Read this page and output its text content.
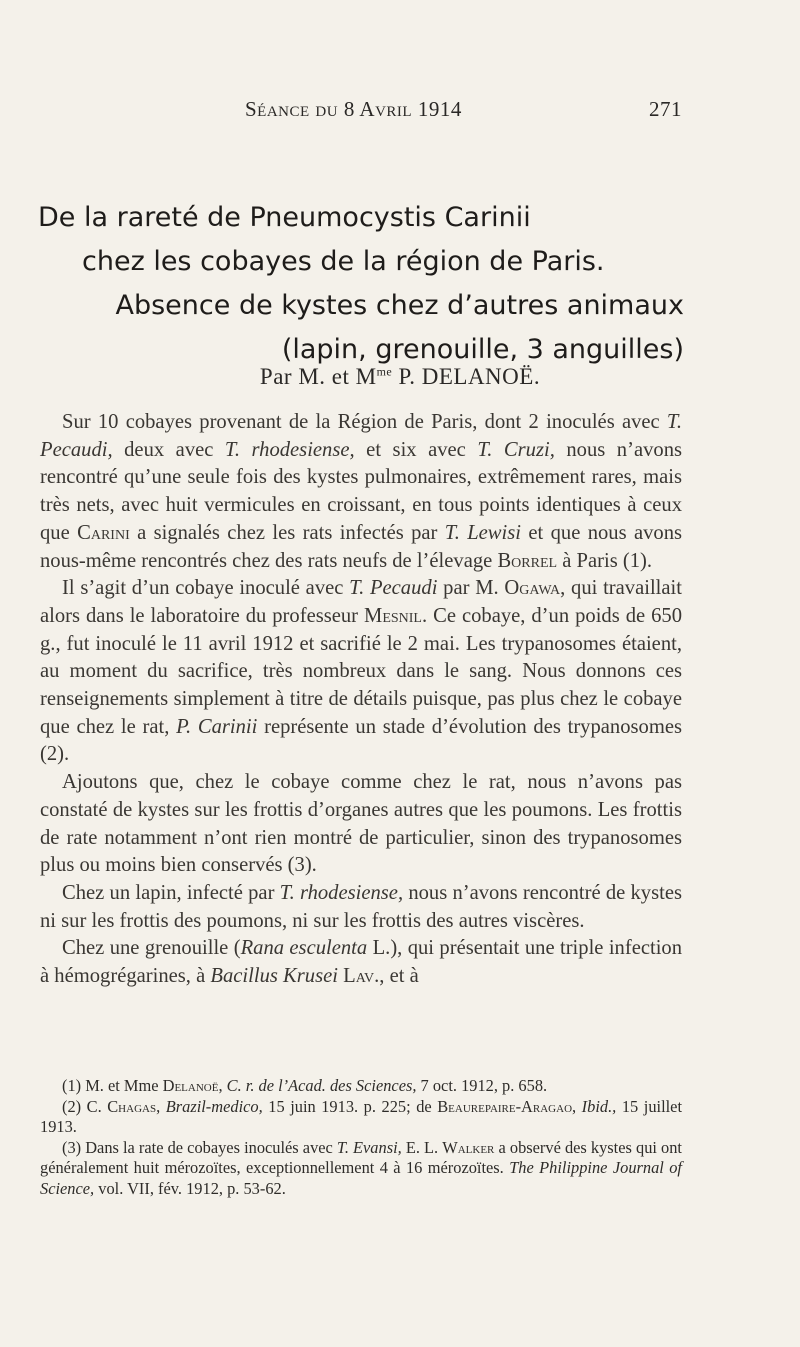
Séance du 8 Avril 1914	271
De la rareté de Pneumocystis Carinii
chez les cobayes de la région de Paris.
Absence de kystes chez d’autres animaux
(lapin, grenouille, 3 anguilles)
Par M. et $M^{me}$ P. DELANOË.

Sur 10 cobayes provenant de la Région de Paris, dont 2 inoculés avec T. Pecaudi, deux avec T. rhodesiense, et six avec T. Cruzi, nous n’avons rencontré qu’une seule fois des kystes pulmonaires, extrêmement rares, mais très nets, avec huit vermicules en croissant, en tous points identiques à ceux que Carini a signalés chez les rats infectés par T. Lewisi et que nous avons nous-même rencontrés chez des rats neufs de l’élevage Borrel à Paris (1).

Il s’agit d’un cobaye inoculé avec T. Pecaudi par M. Ogawa, qui travaillait alors dans le laboratoire du professeur Mesnil. Ce cobaye, d’un poids de 650 g., fut inoculé le 11 avril 1912 et sacrifié le 2 mai. Les trypanosomes étaient, au moment du sacrifice, très nombreux dans le sang. Nous donnons ces renseignements simplement à titre de détails puisque, pas plus chez le cobaye que chez le rat, P. Carinii représente un stade d’évolution des trypanosomes (2).

Ajoutons que, chez le cobaye comme chez le rat, nous n’avons pas constaté de kystes sur les frottis d’organes autres que les poumons. Les frottis de rate notamment n’ont rien montré de particulier, sinon des trypanosomes plus ou moins bien conservés (3).

Chez un lapin, infecté par T. rhodesiense, nous n’avons rencontré de kystes ni sur les frottis des poumons, ni sur les frottis des autres viscères.

Chez une grenouille (Rana esculenta L.), qui présentait une triple infection à hémogrégarines, à Bacillus Krusei Lav., et à

(1) M. et Mme Delanoë, C. r. de l’Acad. des Sciences, 7 oct. 1912, p. 658.

(2) C. Chagas, Brazil-medico, 15 juin 1913. p. 225; de Beaurepaire-Aragao, Ibid., 15 juillet 1913.

(3) Dans la rate de cobayes inoculés avec T. Evansi, E. L. Walker a observé des kystes qui ont généralement huit mérozoïtes, exceptionnellement 4 à 16 mérozoïtes. The Philippine Journal of Science, vol. VII, fév. 1912, p. 53-62.
